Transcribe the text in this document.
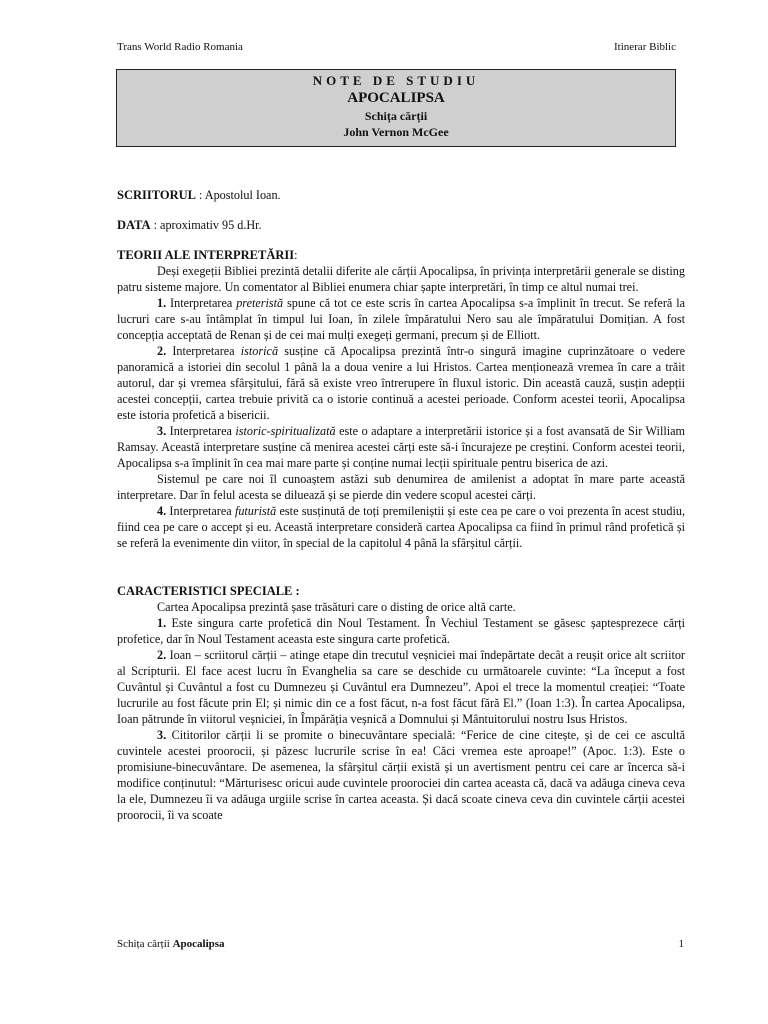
Trans World Radio Romania	Itinerar Biblic
NOTE DE STUDIU
APOCALIPSA
Schița cărții
John Vernon McGee

SCRIITORUL : Apostolul Ioan.

DATA : aproximativ 95 d.Hr.

TEORII ALE INTERPRETĂRII:

Deși exegeții Bibliei prezintă detalii diferite ale cărții Apocalipsa, în privința interpretării generale se disting patru sisteme majore. Un comentator al Bibliei enumera chiar șapte interpretări, în timp ce altul numai trei.

1. Interpretarea preteristă spune că tot ce este scris în cartea Apocalipsa s-a împlinit în trecut. Se referă la lucruri care s-au întâmplat în timpul lui Ioan, în zilele împăratului Nero sau ale împăratului Domițian. A fost concepția acceptată de Renan și de cei mai mulți exegeți germani, precum și de Elliott.

2. Interpretarea istorică susține că Apocalipsa prezintă într-o singură imagine cuprinzătoare o vedere panoramică a istoriei din secolul 1 până la a doua venire a lui Hristos. Cartea menționează vremea în care a trăit autorul, dar și vremea sfârșitului, fără să existe vreo întrerupere în fluxul istoric. Din această cauză, susțin adepții acestei concepții, cartea trebuie privită ca o istorie continuă a acestei perioade. Conform acestei teorii, Apocalipsa este istoria profetică a bisericii.

3. Interpretarea istoric-spiritualizată este o adaptare a interpretării istorice și a fost avansată de Sir William Ramsay. Această interpretare susține că menirea acestei cărți este să-i încurajeze pe creștini. Conform acestei teorii, Apocalipsa s-a împlinit în cea mai mare parte și conține numai lecții spirituale pentru biserica de azi.

Sistemul pe care noi îl cunoaștem astăzi sub denumirea de amilenist a adoptat în mare parte această interpretare. Dar în felul acesta se diluează și se pierde din vedere scopul acestei cărți.

4. Interpretarea futuristă este susținută de toți premileniștii și este cea pe care o voi prezenta în acest studiu, fiind cea pe care o accept și eu. Această interpretare consideră cartea Apocalipsa ca fiind în primul rând profetică și se referă la evenimente din viitor, în special de la capitolul 4 până la sfârșitul cărții.

CARACTERISTICI SPECIALE :

Cartea Apocalipsa prezintă șase trăsături care o disting de orice altă carte.

1. Este singura carte profetică din Noul Testament. În Vechiul Testament se găsesc șaptesprezece cărți profetice, dar în Noul Testament aceasta este singura carte profetică.

2. Ioan – scriitorul cărții – atinge etape din trecutul veșniciei mai îndepărtate decât a reușit orice alt scriitor al Scripturii. El face acest lucru în Evanghelia sa care se deschide cu următoarele cuvinte: “La început a fost Cuvântul și Cuvântul a fost cu Dumnezeu și Cuvântul era Dumnezeu”. Apoi el trece la momentul creației: “Toate lucrurile au fost făcute prin El; și nimic din ce a fost făcut, n-a fost făcut fără El.” (Ioan 1:3). În cartea Apocalipsa, Ioan pătrunde în viitorul veșniciei, în Împărăția veșnică a Domnului și Mântuitorului nostru Isus Hristos.

3. Cititorilor cărții li se promite o binecuvântare specială: “Ferice de cine citește, și de cei ce ascultă cuvintele acestei proorocii, și păzesc lucrurile scrise în ea! Căci vremea este aproape!” (Apoc. 1:3). Este o promisiune-binecuvântare. De asemenea, la sfârșitul cărții există și un avertisment pentru cei care ar încerca să-i modifice conținutul: “Mărturisesc oricui aude cuvintele proorociei din cartea aceasta că, dacă va adăuga cineva ceva la ele, Dumnezeu îi va adăuga urgiile scrise în cartea aceasta. Și dacă scoate cineva ceva din cuvintele cărții acestei proorocii, îi va scoate

Schița cărții Apocalipsa	1
